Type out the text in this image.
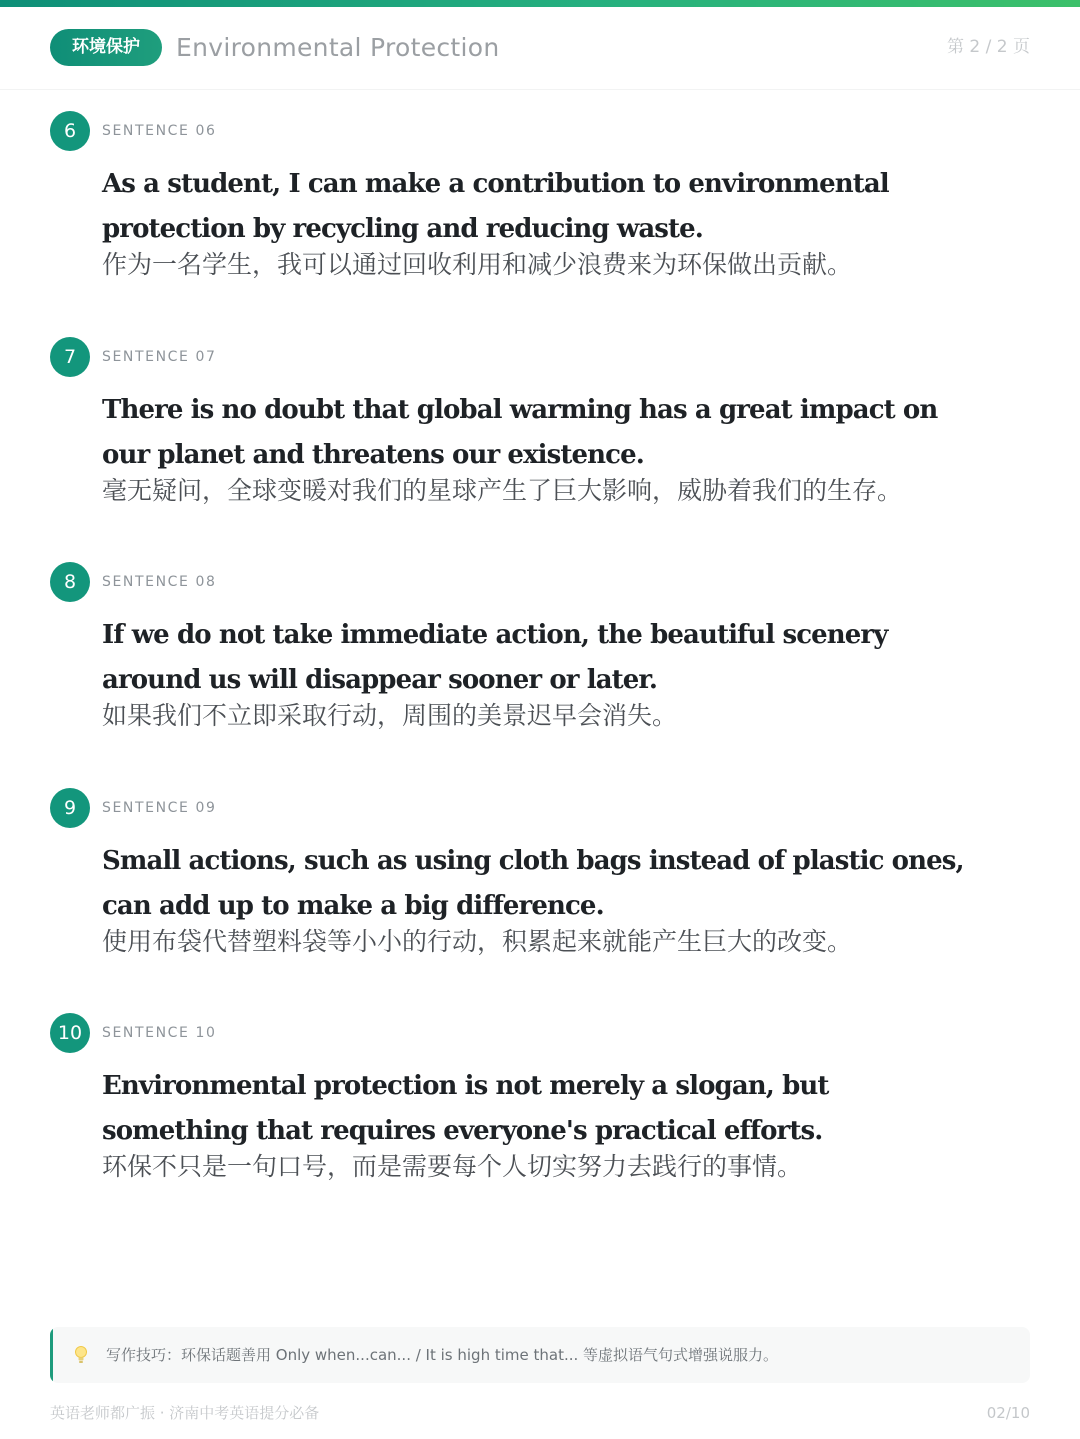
环境保护	Environmental Protection	第 2 / 2 页
6	SENTENCE 06

As a student, I can make a contribution to environmental
protection by recycling and reducing waste.

作为一名学生，我可以通过回收利用和减少浪费来为环保做出贡献。

7	SENTENCE 07

There is no doubt that global warming has a great impact on
our planet and threatens our existence.

毫无疑问，全球变暖对我们的星球产生了巨大影响，威胁着我们的生存。

8	SENTENCE 08

If we do not take immediate action, the beautiful scenery
around us will disappear sooner or later.

如果我们不立即采取行动，周围的美景迟早会消失。

9	SENTENCE 09

Small actions, such as using cloth bags instead of plastic ones,
can add up to make a big difference.

使用布袋代替塑料袋等小小的行动，积累起来就能产生巨大的改变。

10	SENTENCE 10

Environmental protection is not merely a slogan, but
something that requires everyone's practical efforts.

环保不只是一句口号，而是需要每个人切实努力去践行的事情。

写作技巧：环保话题善用 Only when...can... / It is high time that... 等虚拟语气句式增强说服力。
英语老师都广振 · 济南中考英语提分必备	02/10
